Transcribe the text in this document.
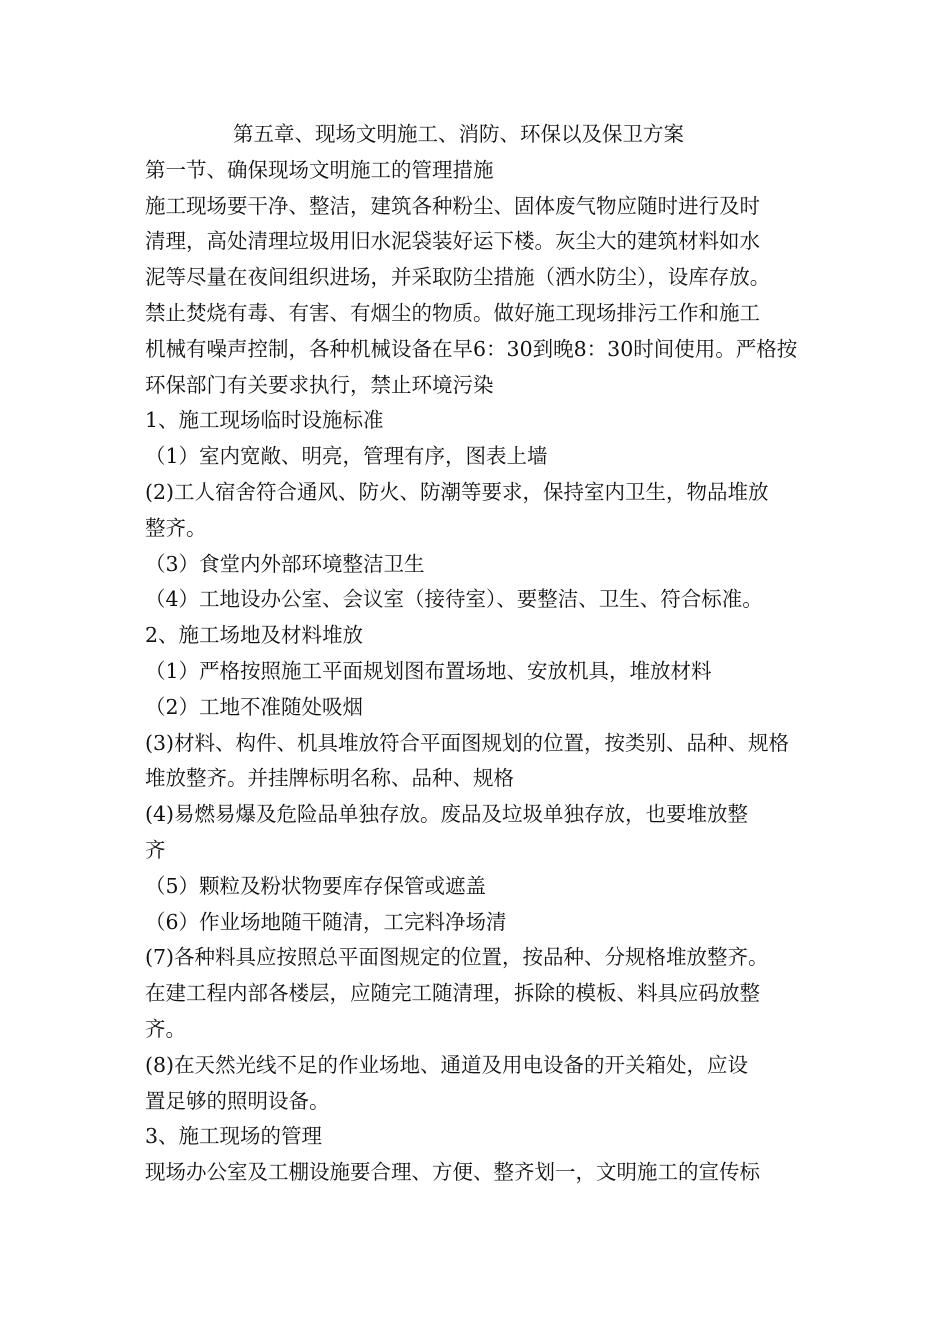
第五章、现场文明施工、消防、环保以及保卫方案
第一节、确保现场文明施工的管理措施
施工现场要干净、整洁，建筑各种粉尘、固体废气物应随时进行及时
清理，高处清理垃圾用旧水泥袋装好运下楼。灰尘大的建筑材料如水
泥等尽量在夜间组织进场，并采取防尘措施（洒水防尘），设库存放。
禁止焚烧有毒、有害、有烟尘的物质。做好施工现场排污工作和施工
机械有噪声控制，各种机械设备在早6：30到晚8：30时间使用。严格按
环保部门有关要求执行，禁止环境污染
1、施工现场临时设施标准
（1）室内宽敞、明亮，管理有序，图表上墙
(2)工人宿舍符合通风、防火、防潮等要求，保持室内卫生，物品堆放
整齐。
（3）食堂内外部环境整洁卫生
（4）工地设办公室、会议室（接待室）、要整洁、卫生、符合标准。
2、施工场地及材料堆放
（1）严格按照施工平面规划图布置场地、安放机具，堆放材料
（2）工地不准随处吸烟
(3)材料、构件、机具堆放符合平面图规划的位置，按类别、品种、规格
堆放整齐。并挂牌标明名称、品种、规格
(4)易燃易爆及危险品单独存放。废品及垃圾单独存放，也要堆放整
齐
（5）颗粒及粉状物要库存保管或遮盖
（6）作业场地随干随清，工完料净场清
(7)各种料具应按照总平面图规定的位置，按品种、分规格堆放整齐。
在建工程内部各楼层，应随完工随清理，拆除的模板、料具应码放整
齐。
(8)在天然光线不足的作业场地、通道及用电设备的开关箱处，应设
置足够的照明设备。
3、施工现场的管理
现场办公室及工棚设施要合理、方便、整齐划一，文明施工的宣传标
